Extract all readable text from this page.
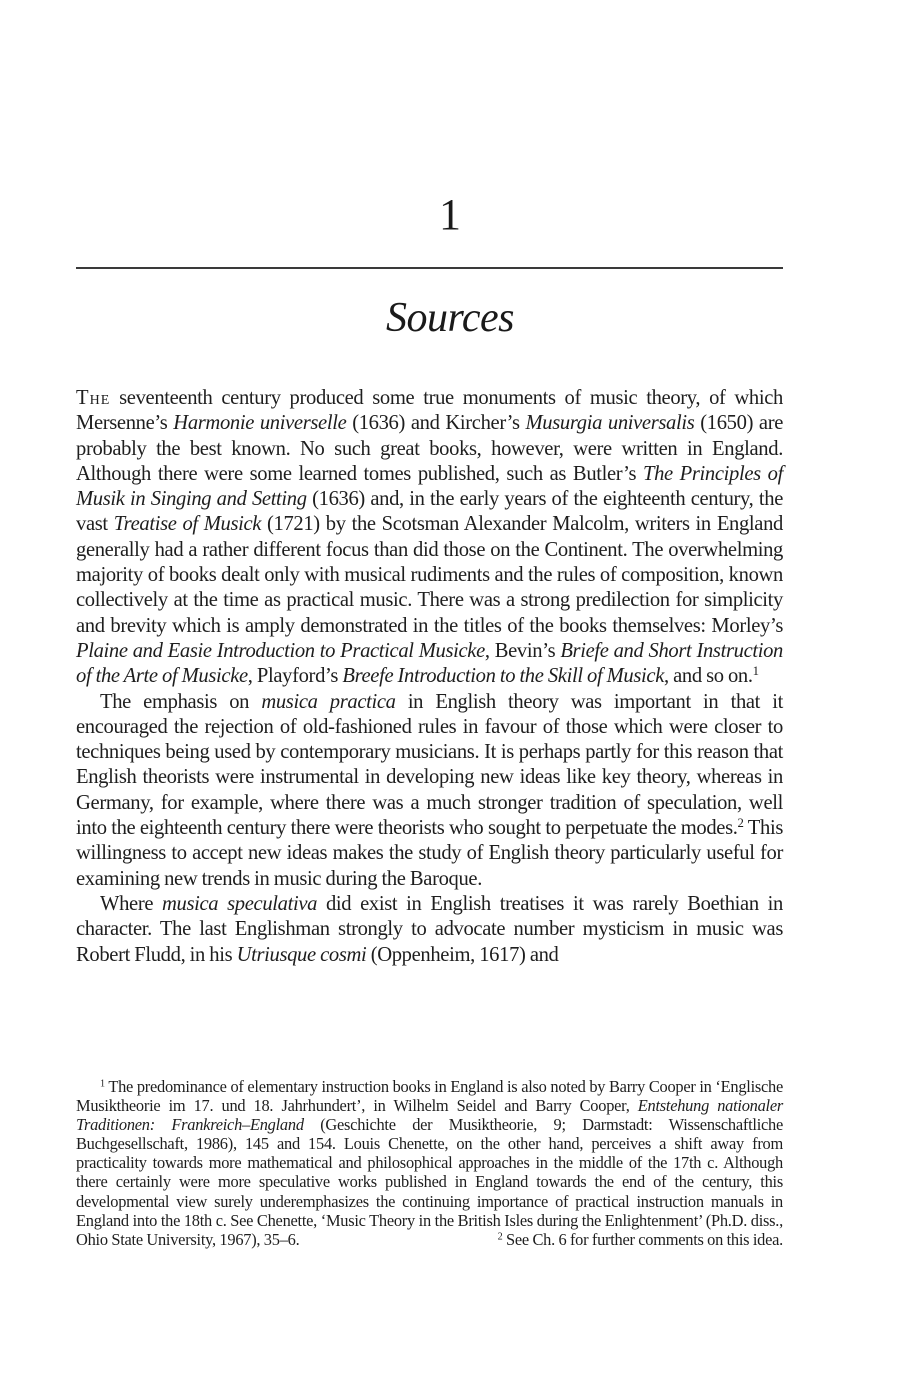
1
Sources

The seventeenth century produced some true monuments of music theory, of which Mersenne’s Harmonie universelle (1636) and Kircher’s Musurgia universalis (1650) are probably the best known. No such great books, however, were written in England. Although there were some learned tomes published, such as Butler’s The Principles of Musik in Singing and Setting (1636) and, in the early years of the eighteenth century, the vast Treatise of Musick (1721) by the Scotsman Alexander Malcolm, writers in England generally had a rather different focus than did those on the Continent. The overwhelming majority of books dealt only with musical rudiments and the rules of composition, known collectively at the time as practical music. There was a strong predilection for simplicity and brevity which is amply demonstrated in the titles of the books themselves: Morley’s Plaine and Easie Introduction to Practical Musicke, Bevin’s Briefe and Short Instruction of the Arte of Musicke, Playford’s Breefe Introduction to the Skill of Musick, and so on.$^1$

The emphasis on musica practica in English theory was important in that it encouraged the rejection of old-fashioned rules in favour of those which were closer to techniques being used by contemporary musicians. It is perhaps partly for this reason that English theorists were instrumental in developing new ideas like key theory, whereas in Germany, for example, where there was a much stronger tradition of speculation, well into the eighteenth century there were theorists who sought to perpetuate the modes.$^2$ This willingness to accept new ideas makes the study of English theory particularly useful for examining new trends in music during the Baroque.

Where musica speculativa did exist in English treatises it was rarely Boethian in character. The last Englishman strongly to advocate number mysticism in music was Robert Fludd, in his Utriusque cosmi (Oppenheim, 1617) and

$^1$ The predominance of elementary instruction books in England is also noted by Barry Cooper in ‘Englische Musiktheorie im 17. und 18. Jahrhundert’, in Wilhelm Seidel and Barry Cooper, Entstehung nationaler Traditionen: Frankreich–England (Geschichte der Musiktheorie, 9; Darmstadt: Wissenschaftliche Buchgesellschaft, 1986), 145 and 154. Louis Chenette, on the other hand, perceives a shift away from practicality towards more mathematical and philosophical approaches in the middle of the 17th c. Although there certainly were more speculative works published in England towards the end of the century, this developmental view surely underemphasizes the continuing importance of practical instruction manuals in England into the 18th c. See Chenette, ‘Music Theory in the British Isles during the Enlightenment’ (Ph.D. diss., Ohio State University, 1967), 35–6.	$^2$ See Ch. 6 for further comments on this idea.
